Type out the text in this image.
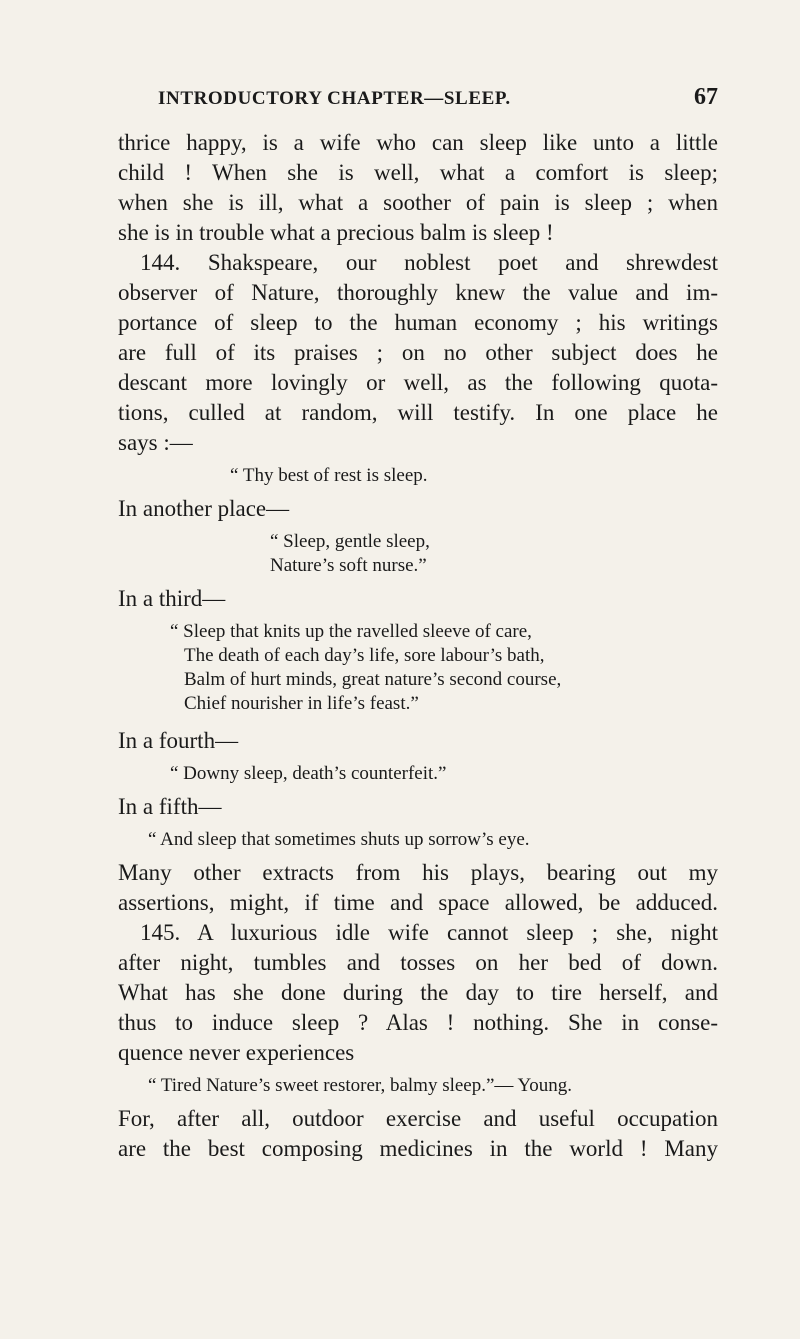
INTRODUCTORY CHAPTER—SLEEP.	67
thrice happy, is a wife who can sleep like unto a little
child ! When she is well, what a comfort is sleep;
when she is ill, what a soother of pain is sleep ; when
she is in trouble what a precious balm is sleep !
144. Shakspeare, our noblest poet and shrewdest
observer of Nature, thoroughly knew the value and im-
portance of sleep to the human economy ; his writings
are full of its praises ; on no other subject does he
descant more lovingly or well, as the following quota-
tions, culled at random, will testify. In one place he
says :—
“ Thy best of rest is sleep.
In another place—
“ Sleep, gentle sleep,
Nature’s soft nurse.”
In a third—
“ Sleep that knits up the ravelled sleeve of care,
The death of each day’s life, sore labour’s bath,
Balm of hurt minds, great nature’s second course,
Chief nourisher in life’s feast.”
In a fourth—
“ Downy sleep, death’s counterfeit.”
In a fifth—
“ And sleep that sometimes shuts up sorrow’s eye.
Many other extracts from his plays, bearing out my
assertions, might, if time and space allowed, be adduced.
145. A luxurious idle wife cannot sleep ; she, night
after night, tumbles and tosses on her bed of down.
What has she done during the day to tire herself, and
thus to induce sleep ? Alas ! nothing. She in conse-
quence never experiences
“ Tired Nature’s sweet restorer, balmy sleep.”— Young.
For, after all, outdoor exercise and useful occupation
are the best composing medicines in the world ! Many
